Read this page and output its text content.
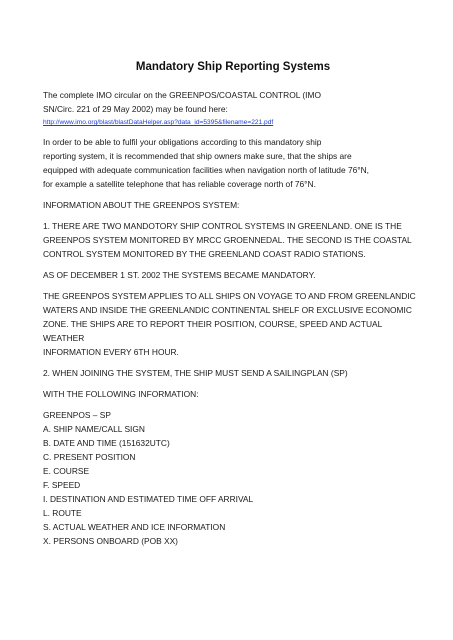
Mandatory Ship Reporting Systems

The complete IMO circular on the GREENPOS/COASTAL CONTROL (IMO
SN/Circ. 221 of 29 May 2002) may be found here:
http://www.imo.org/blast/blastDataHelper.asp?data_id=5395&filename=221.pdf

In order to be able to fulfil your obligations according to this mandatory ship
reporting system, it is recommended that ship owners make sure, that the ships are
equipped with adequate communication facilities when navigation north of latitude 76°N,
for example a satellite telephone that has reliable coverage north of 76°N.

INFORMATION ABOUT THE GREENPOS SYSTEM:

1. THERE ARE TWO MANDOTORY SHIP CONTROL SYSTEMS IN GREENLAND. ONE IS THE
GREENPOS SYSTEM MONITORED BY MRCC GROENNEDAL. THE SECOND IS THE COASTAL
CONTROL SYSTEM MONITORED BY THE GREENLAND COAST RADIO STATIONS.

AS OF DECEMBER 1 ST. 2002 THE SYSTEMS BECAME MANDATORY.

THE GREENPOS SYSTEM APPLIES TO ALL SHIPS ON VOYAGE TO AND FROM GREENLANDIC
WATERS AND INSIDE THE GREENLANDIC CONTINENTAL SHELF OR EXCLUSIVE ECONOMIC
ZONE. THE SHIPS ARE TO REPORT THEIR POSITION, COURSE, SPEED AND ACTUAL WEATHER
INFORMATION EVERY 6TH HOUR.

2. WHEN JOINING THE SYSTEM, THE SHIP MUST SEND A SAILINGPLAN (SP)

WITH THE FOLLOWING INFORMATION:

GREENPOS – SP
A. SHIP NAME/CALL SIGN
B. DATE AND TIME (151632UTC)
C. PRESENT POSITION
E. COURSE
F. SPEED
I. DESTINATION AND ESTIMATED TIME OFF ARRIVAL
L. ROUTE
S. ACTUAL WEATHER AND ICE INFORMATION
X. PERSONS ONBOARD (POB XX)
